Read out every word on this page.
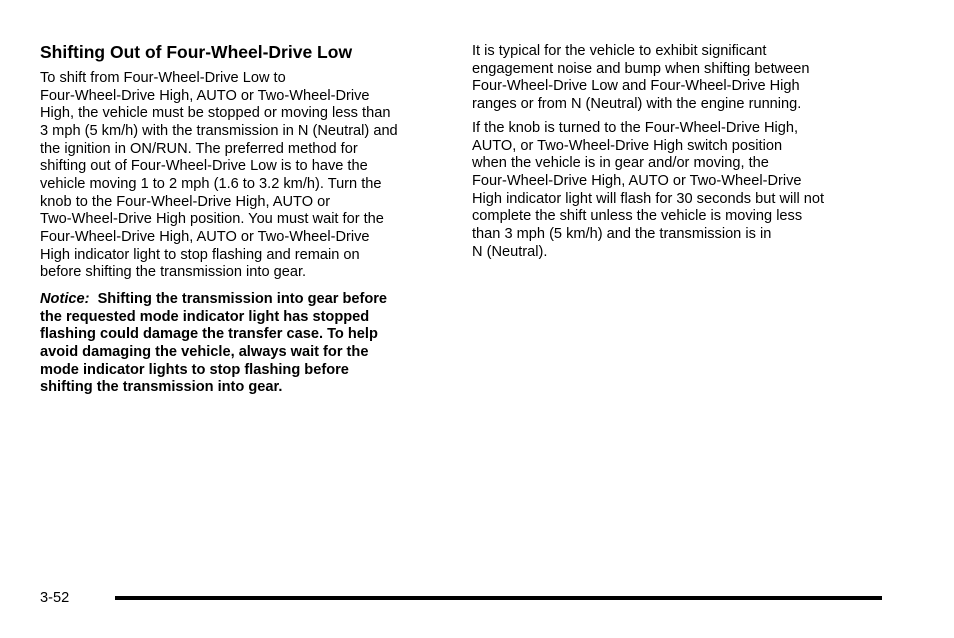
Shifting Out of Four-Wheel-Drive Low

To shift from Four-Wheel-Drive Low to
Four-Wheel-Drive High, AUTO or Two-Wheel-Drive
High, the vehicle must be stopped or moving less than
3 mph (5 km/h) with the transmission in N (Neutral) and
the ignition in ON/RUN. The preferred method for
shifting out of Four-Wheel-Drive Low is to have the
vehicle moving 1 to 2 mph (1.6 to 3.2 km/h). Turn the
knob to the Four-Wheel-Drive High, AUTO or
Two-Wheel-Drive High position. You must wait for the
Four-Wheel-Drive High, AUTO or Two-Wheel-Drive
High indicator light to stop flashing and remain on
before shifting the transmission into gear.

Notice: Shifting the transmission into gear before
the requested mode indicator light has stopped
flashing could damage the transfer case. To help
avoid damaging the vehicle, always wait for the
mode indicator lights to stop flashing before
shifting the transmission into gear.

It is typical for the vehicle to exhibit significant
engagement noise and bump when shifting between
Four-Wheel-Drive Low and Four-Wheel-Drive High
ranges or from N (Neutral) with the engine running.

If the knob is turned to the Four-Wheel-Drive High,
AUTO, or Two-Wheel-Drive High switch position
when the vehicle is in gear and/or moving, the
Four-Wheel-Drive High, AUTO or Two-Wheel-Drive
High indicator light will flash for 30 seconds but will not
complete the shift unless the vehicle is moving less
than 3 mph (5 km/h) and the transmission is in
N (Neutral).

3-52
